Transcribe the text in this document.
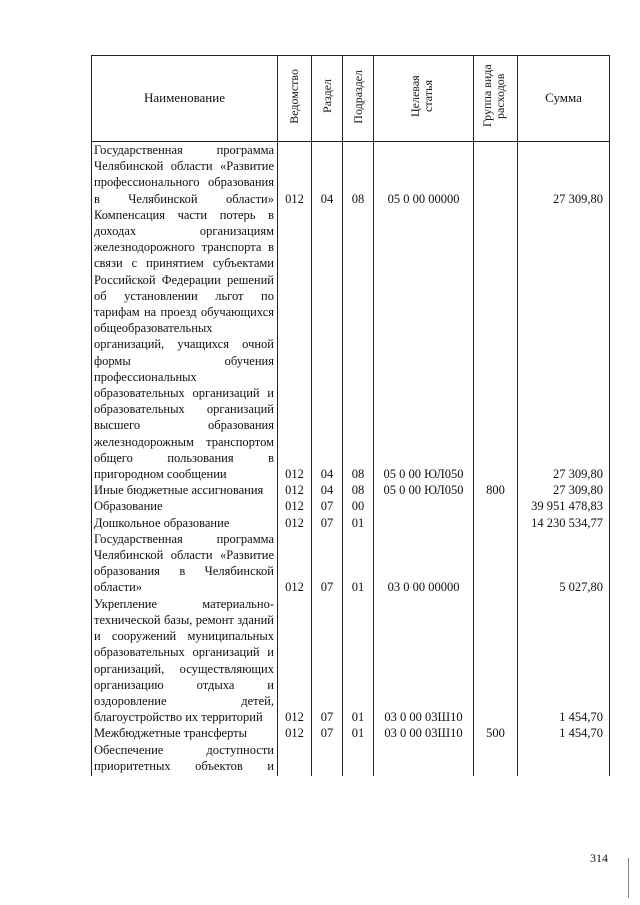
Наименование	Ведомство	Раздел	Подраздел	Целевая статья	Группа вида расходов	Сумма
Государственная программа Челябинской области «Развитие профессионального образования в Челябинской области»	012	04	08	05 0 00 00000		27 309,80
Компенсация части потерь в доходах организациям железнодорожного транспорта в связи с принятием субъектами Российской Федерации решений об установлении льгот по тарифам на проезд обучающихся общеобразовательных организаций, учащихся очной формы обучения профессиональных образовательных организаций и образовательных организаций высшего образования железнодорожным транспортом общего пользования в пригородном сообщении	012	04	08	05 0 00 ЮЛ050		27 309,80
Иные бюджетные ассигнования	012	04	08	05 0 00 ЮЛ050	800	27 309,80
Образование	012	07	00			39 951 478,83
Дошкольное образование	012	07	01			14 230 534,77
Государственная программа Челябинской области «Развитие образования в Челябинской области»	012	07	01	03 0 00 00000		5 027,80
Укрепление материально-технической базы, ремонт зданий и сооружений муниципальных образовательных организаций и организаций, осуществляющих организацию отдыха и оздоровление детей, благоустройство их территорий	012	07	01	03 0 00 03Ш10		1 454,70
Межбюджетные трансферты	012	07	01	03 0 00 03Ш10	500	1 454,70
Обеспечение доступности приоритетных объектов и						
314
